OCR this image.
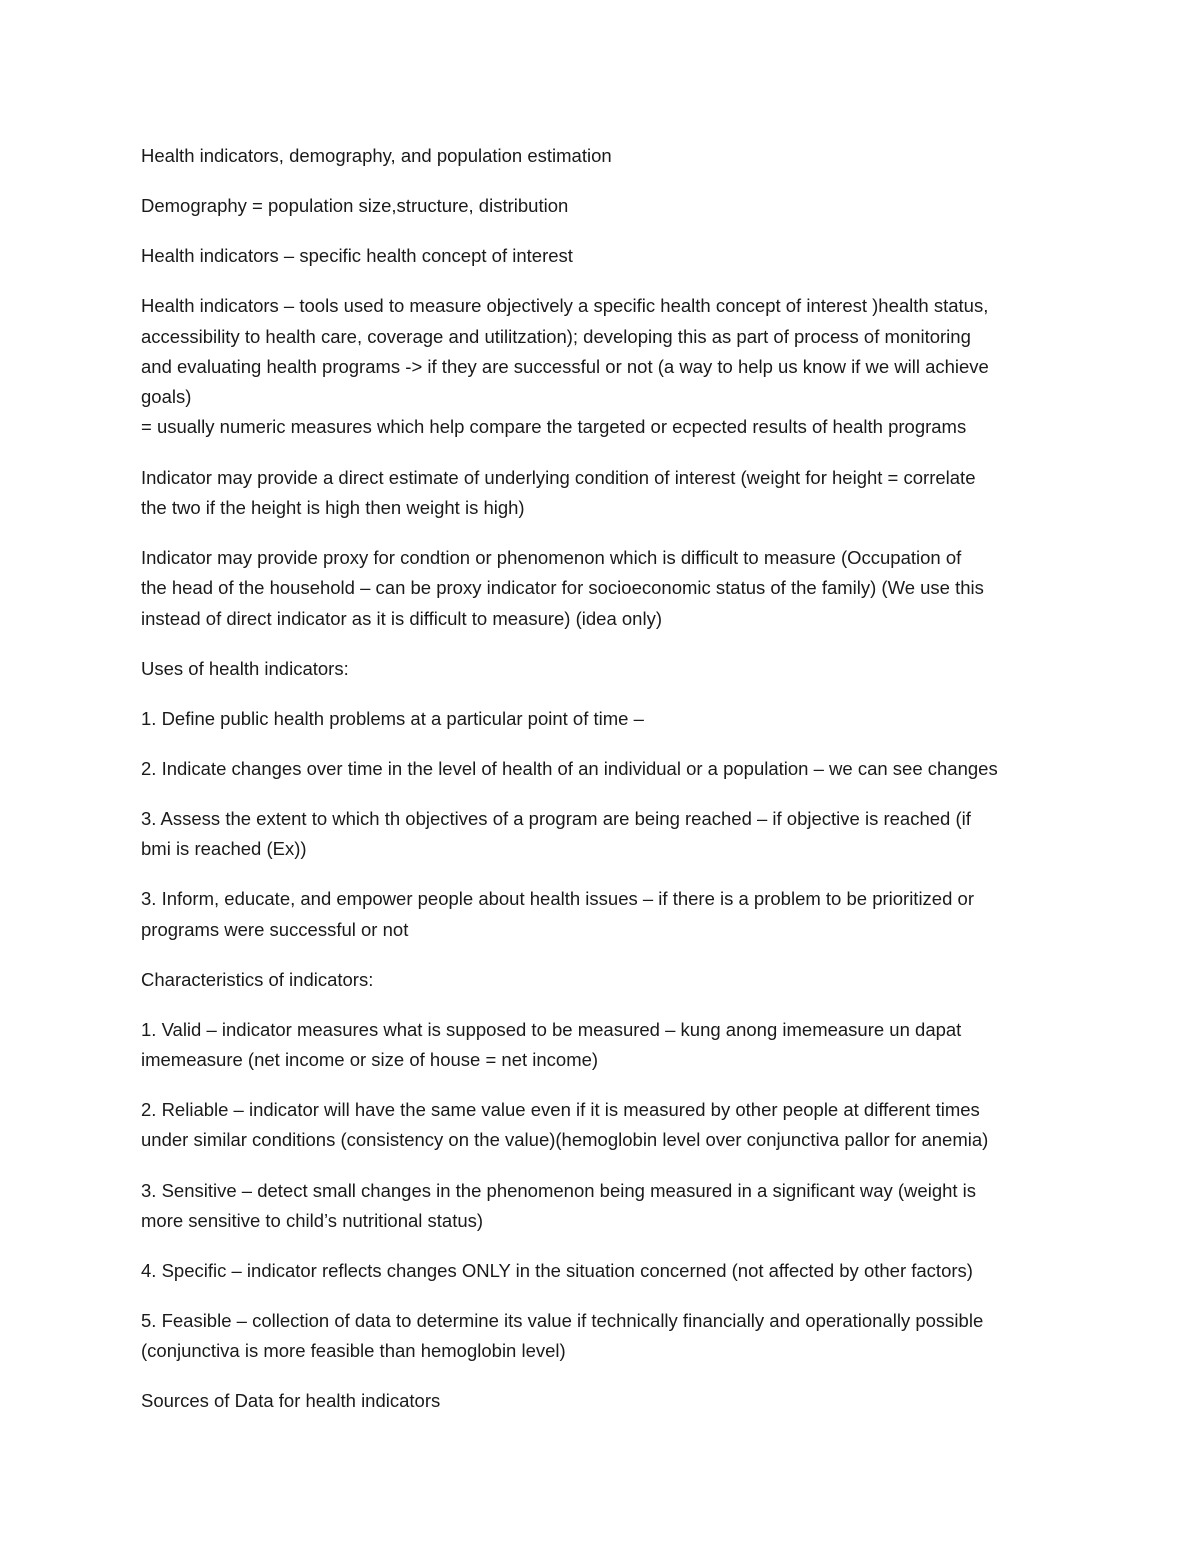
Health indicators, demography, and population estimation

Demography = population size,structure, distribution

Health indicators – specific health concept of interest

Health indicators – tools used to measure objectively a specific health concept of interest )health status,
accessibility to health care, coverage and utilitzation); developing this as part of process of monitoring
and evaluating health programs -> if they are successful or not (a way to help us know if we will achieve
goals)
= usually numeric measures which help compare the targeted or ecpected results of health programs

Indicator may provide a direct estimate of underlying condition of interest (weight for height = correlate
the two if the height is high then weight is high)

Indicator may provide proxy for condtion or phenomenon which is difficult to measure (Occupation of
the head of the household – can be proxy indicator for socioeconomic status of the family) (We use this
instead of direct indicator as it is difficult to measure) (idea only)

Uses of health indicators:

1. Define public health problems at a particular point of time –

2. Indicate changes over time in the level of health of an individual or a population – we can see changes

3. Assess the extent to which th objectives of a program are being reached – if objective is reached (if
bmi is reached (Ex))

3. Inform, educate, and empower people about health issues – if there is a problem to be prioritized or
programs were successful or not

Characteristics of indicators:

1. Valid – indicator measures what is supposed to be measured – kung anong imemeasure un dapat
imemeasure (net income or size of house = net income)

2. Reliable – indicator will have the same value even if it is measured by other people at different times
under similar conditions (consistency on the value)(hemoglobin level over conjunctiva pallor for anemia)

3. Sensitive – detect small changes in the phenomenon being measured in a significant way (weight is
more sensitive to child’s nutritional status)

4. Specific – indicator reflects changes ONLY in the situation concerned (not affected by other factors)

5. Feasible – collection of data to determine its value if technically financially and operationally possible
(conjunctiva is more feasible than hemoglobin level)

Sources of Data for health indicators
